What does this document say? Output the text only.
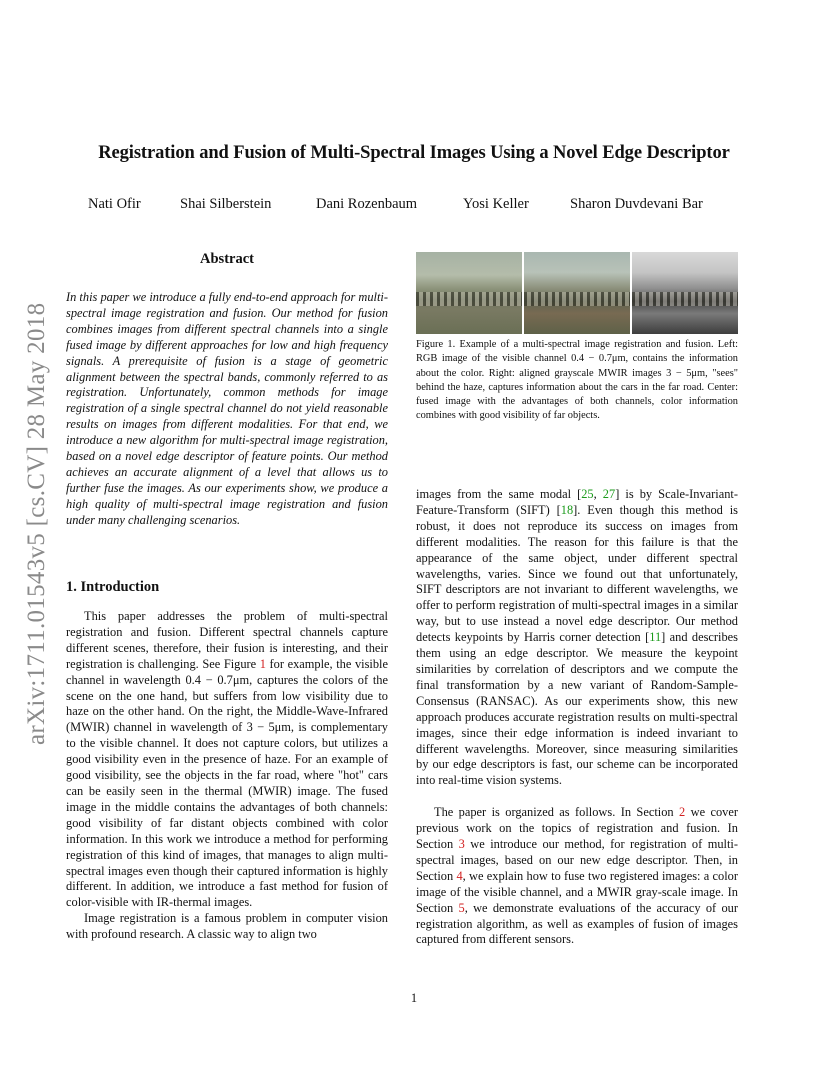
Registration and Fusion of Multi-Spectral Images Using a Novel Edge Descriptor
Nati Ofir	Shai Silberstein	Dani Rozenbaum	Yosi Keller	Sharon Duvdevani Bar
arXiv:1711.01543v5 [cs.CV] 28 May 2018
Abstract

In this paper we introduce a fully end-to-end approach for multi-spectral image registration and fusion. Our method for fusion combines images from different spectral channels into a single fused image by different approaches for low and high frequency signals. A prerequisite of fusion is a stage of geometric alignment between the spectral bands, commonly referred to as registration. Unfortunately, common methods for image registration of a single spectral channel do not yield reasonable results on images from different modalities. For that end, we introduce a new algorithm for multi-spectral image registration, based on a novel edge descriptor of feature points. Our method achieves an accurate alignment of a level that allows us to further fuse the images. As our experiments show, we produce a high quality of multi-spectral image registration and fusion under many challenging scenarios.

1. Introduction

This paper addresses the problem of multi-spectral registration and fusion. Different spectral channels capture different scenes, therefore, their fusion is interesting, and their registration is challenging. See Figure 1 for example, the visible channel in wavelength 0.4 − 0.7μm, captures the colors of the scene on the one hand, but suffers from low visibility due to haze on the other hand. On the right, the Middle-Wave-Infrared (MWIR) channel in wavelength of 3 − 5μm, is complementary to the visible channel. It does not capture colors, but utilizes a good visibility even in the presence of haze. For an example of good visibility, see the objects in the far road, where "hot" cars can be easily seen in the thermal (MWIR) image. The fused image in the middle contains the advantages of both channels: good visibility of far distant objects combined with color information. In this work we introduce a method for performing registration of this kind of images, that manages to align multi-spectral images even though their captured information is highly different. In addition, we introduce a fast method for fusion of color-visible with IR-thermal images.

Image registration is a famous problem in computer vision with profound research. A classic way to align two

Figure 1. Example of a multi-spectral image registration and fusion. Left: RGB image of the visible channel 0.4 − 0.7μm, contains the information about the color. Right: aligned grayscale MWIR images 3 − 5μm, "sees" behind the haze, captures information about the cars in the far road. Center: fused image with the advantages of both channels, color information combines with good visibility of far objects.

images from the same modal [25, 27] is by Scale-Invariant-Feature-Transform (SIFT) [18]. Even though this method is robust, it does not reproduce its success on images from different modalities. The reason for this failure is that the appearance of the same object, under different spectral wavelengths, varies. Since we found out that unfortunately, SIFT descriptors are not invariant to different wavelengths, we offer to perform registration of multi-spectral images in a similar way, but to use instead a novel edge descriptor. Our method detects keypoints by Harris corner detection [11] and describes them using an edge descriptor. We measure the keypoint similarities by correlation of descriptors and we compute the final transformation by a new variant of Random-Sample-Consensus (RANSAC). As our experiments show, this new approach produces accurate registration results on multi-spectral images, since their edge information is indeed invariant to different wavelengths. Moreover, since measuring similarities by our edge descriptors is fast, our scheme can be incorporated into real-time vision systems.

The paper is organized as follows. In Section 2 we cover previous work on the topics of registration and fusion. In Section 3 we introduce our method, for registration of multi-spectral images, based on our new edge descriptor. Then, in Section 4, we explain how to fuse two registered images: a color image of the visible channel, and a MWIR gray-scale image. In Section 5, we demonstrate evaluations of the accuracy of our registration algorithm, as well as examples of fusion of images captured from different sensors.

1
